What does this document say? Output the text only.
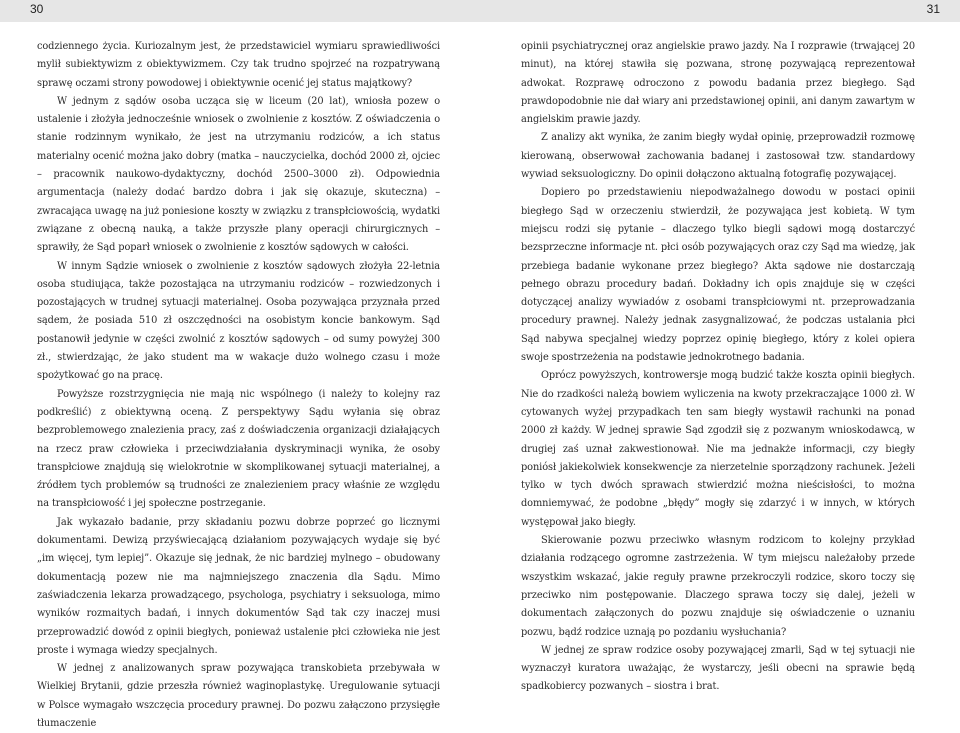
30	31

codziennego życia. Kuriozalnym jest, że przedstawiciel wymiaru sprawiedliwości mylił subiektywizm z obiektywizmem. Czy tak trudno spojrzeć na rozpatrywaną sprawę oczami strony powodowej i obiektywnie ocenić jej status majątkowy?

W jednym z sądów osoba ucząca się w liceum (20 lat), wniosła pozew o ustalenie i złożyła jednocześnie wniosek o zwolnienie z kosztów. Z oświadczenia o stanie rodzinnym wynikało, że jest na utrzymaniu rodziców, a ich status materialny ocenić można jako dobry (matka – nauczycielka, dochód 2000 zł, ojciec – pracownik naukowo-dydaktyczny, dochód 2500–3000 zł). Odpowiednia argumentacja (należy dodać bardzo dobra i jak się okazuje, skuteczna) – zwracająca uwagę na już poniesione koszty w związku z transpłciowością, wydatki związane z obecną nauką, a także przyszłe plany operacji chirurgicznych – sprawiły, że Sąd poparł wniosek o zwolnienie z kosztów sądowych w całości.

W innym Sądzie wniosek o zwolnienie z kosztów sądowych złożyła 22-letnia osoba studiująca, także pozostająca na utrzymaniu rodziców – rozwiedzonych i pozostających w trudnej sytuacji materialnej. Osoba pozywająca przyznała przed sądem, że posiada 510 zł oszczędności na osobistym koncie bankowym. Sąd postanowił jedynie w części zwolnić z kosztów sądowych – od sumy powyżej 300 zł., stwierdzając, że jako student ma w wakacje dużo wolnego czasu i może spożytkować go na pracę.

Powyższe rozstrzygnięcia nie mają nic wspólnego (i należy to kolejny raz podkreślić) z obiektywną oceną. Z perspektywy Sądu wyłania się obraz bezproblemowego znalezienia pracy, zaś z doświadczenia organizacji działających na rzecz praw człowieka i przeciwdziałania dyskryminacji wynika, że osoby transpłciowe znajdują się wielokrotnie w skomplikowanej sytuacji materialnej, a źródłem tych problemów są trudności ze znalezieniem pracy właśnie ze względu na transpłciowość i jej społeczne postrzeganie.

Jak wykazało badanie, przy składaniu pozwu dobrze poprzeć go licznymi dokumentami. Dewizą przyświecającą działaniom pozywających wydaje się być „im więcej, tym lepiej”. Okazuje się jednak, że nic bardziej mylnego – obudowany dokumentacją pozew nie ma najmniejszego znaczenia dla Sądu. Mimo zaświadczenia lekarza prowadzącego, psychologa, psychiatry i seksuologa, mimo wyników rozmaitych badań, i innych dokumentów Sąd tak czy inaczej musi przeprowadzić dowód z opinii biegłych, ponieważ ustalenie płci człowieka nie jest proste i wymaga wiedzy specjalnych.

W jednej z analizowanych spraw pozywająca transkobieta przebywała w Wielkiej Brytanii, gdzie przeszła również waginoplastykę. Uregulowanie sytuacji w Polsce wymagało wszczęcia procedury prawnej. Do pozwu załączono przysięgłe tłumaczenie

opinii psychiatrycznej oraz angielskie prawo jazdy. Na I rozprawie (trwającej 20 minut), na której stawiła się pozwana, stronę pozywającą reprezentował adwokat. Rozprawę odroczono z powodu badania przez biegłego. Sąd prawdopodobnie nie dał wiary ani przedstawionej opinii, ani danym zawartym w angielskim prawie jazdy.

Z analizy akt wynika, że zanim biegły wydał opinię, przeprowadził rozmowę kierowaną, obserwował zachowania badanej i zastosował tzw. standardowy wywiad seksuologiczny. Do opinii dołączono aktualną fotografię pozywającej.

Dopiero po przedstawieniu niepodważalnego dowodu w postaci opinii biegłego Sąd w orzeczeniu stwierdził, że pozywająca jest kobietą. W tym miejscu rodzi się pytanie – dlaczego tylko biegli sądowi mogą dostarczyć bezsprzeczne informacje nt. płci osób pozywających oraz czy Sąd ma wiedzę, jak przebiega badanie wykonane przez biegłego? Akta sądowe nie dostarczają pełnego obrazu procedury badań. Dokładny ich opis znajduje się w części dotyczącej analizy wywiadów z osobami transpłciowymi nt. przeprowadzania procedury prawnej. Należy jednak zasygnalizować, że podczas ustalania płci Sąd nabywa specjalnej wiedzy poprzez opinię biegłego, który z kolei opiera swoje spostrzeżenia na podstawie jednokrotnego badania.

Oprócz powyższych, kontrowersje mogą budzić także koszta opinii biegłych. Nie do rzadkości należą bowiem wyliczenia na kwoty przekraczające 1000 zł. W cytowanych wyżej przypadkach ten sam biegły wystawił rachunki na ponad 2000 zł każdy. W jednej sprawie Sąd zgodził się z pozwanym wnioskodawcą, w drugiej zaś uznał zakwestionował. Nie ma jednakże informacji, czy biegły poniósł jakiekolwiek konsekwencje za nierzetelnie sporządzony rachunek. Jeżeli tylko w tych dwóch sprawach stwierdzić można nieścisłości, to można domniemywać, że podobne „błędy” mogły się zdarzyć i w innych, w których występował jako biegły.

Skierowanie pozwu przeciwko własnym rodzicom to kolejny przykład działania rodzącego ogromne zastrzeżenia. W tym miejscu należałoby przede wszystkim wskazać, jakie reguły prawne przekroczyli rodzice, skoro toczy się przeciwko nim postępowanie. Dlaczego sprawa toczy się dalej, jeżeli w dokumentach załączonych do pozwu znajduje się oświadczenie o uznaniu pozwu, bądź rodzice uznają po pozdaniu wysłuchania?

W jednej ze spraw rodzice osoby pozywającej zmarli, Sąd w tej sytuacji nie wyznaczył kuratora uważając, że wystarczy, jeśli obecni na sprawie będą spadkobiercy pozwanych – siostra i brat.
